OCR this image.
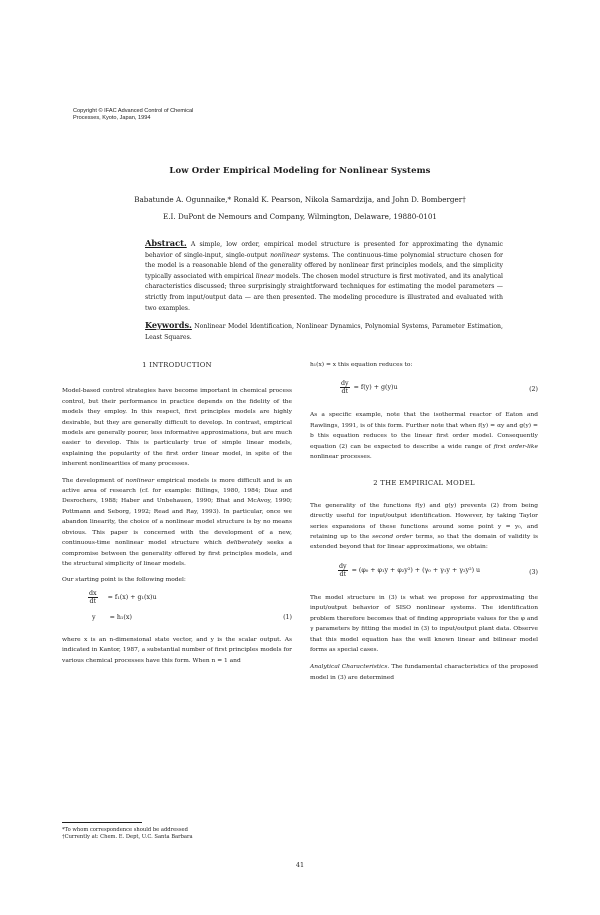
Copyright © IFAC Advanced Control of Chemical
Processes, Kyoto, Japan, 1994
Low Order Empirical Modeling for Nonlinear Systems
Babatunde A. Ogunnaike,* Ronald K. Pearson, Nikola Samardzija, and John D. Bomberger†
E.I. DuPont de Nemours and Company, Wilmington, Delaware, 19880-0101
Abstract. A simple, low order, empirical model structure is presented for approximating the dynamic behavior of single-input, single-output nonlinear systems. The continuous-time polynomial structure chosen for the model is a reasonable blend of the generality offered by nonlinear first principles models, and the simplicity typically associated with empirical linear models. The chosen model structure is first motivated, and its analytical characteristics discussed; three surprisingly straightforward techniques for estimating the model parameters — strictly from input/output data — are then presented. The modeling procedure is illustrated and evaluated with two examples.
Keywords. Nonlinear Model Identification, Nonlinear Dynamics, Polynomial Systems, Parameter Estimation, Least Squares.
1 INTRODUCTION

Model-based control strategies have become important in chemical process control, but their performance in practice depends on the fidelity of the models they employ. In this respect, first principles models are highly desirable, but they are generally difficult to develop. In contrast, empirical models are generally poorer, less informative approximations, but are much easier to develop. This is particularly true of simple linear models, explaining the popularity of the first order linear model, in spite of the inherent nonlinearities of many processes.

The development of nonlinear empirical models is more difficult and is an active area of research (cf. for example: Billings, 1980, 1984; Diaz and Desrochers, 1988; Haber and Unbehauen, 1990; Bhat and McAvoy, 1990; Pottmann and Seborg, 1992; Read and Ray, 1993). In particular, once we abandon linearity, the choice of a nonlinear model structure is by no means obvious. This paper is concerned with the development of a new, continuous-time nonlinear model structure which deliberately seeks a compromise between the generality offered by first principles models, and the structural simplicity of linear models.

Our starting point is the following model:

$\frac{dx}{dt} = f_1(x) + g_1(x)u$
y = h₁(x)	(1)

where x is an n-dimensional state vector, and y is the scalar output. As indicated in Kantor, 1987, a substantial number of first principles models for various chemical processes have this form. When n = 1 and

h₁(x) = x this equation reduces to:

$\frac{dy}{dt} = f(y) + g(y)u$	(2)

As a specific example, note that the isothermal reactor of Eaton and Rawlings, 1991, is of this form. Further note that when f(y) = αy and g(y) = b this equation reduces to the linear first order model. Consequently equation (2) can be expected to describe a wide range of first order-like nonlinear processes.

2 THE EMPIRICAL MODEL

The generality of the functions f(y) and g(y) prevents (2) from being directly useful for input/output identification. However, by taking Taylor series expansions of these functions around some point y = y₀, and retaining up to the second order terms, so that the domain of validity is extended beyond that for linear approximations, we obtain:

$\frac{dy}{dt} = (\varphi_0 + \varphi_1y + \varphi_2y^2) + (\gamma_0 + \gamma_1y + \gamma_2y^2)$ u	(3)

The model structure in (3) is what we propose for approximating the input/output behavior of SISO nonlinear systems. The identification problem therefore becomes that of finding appropriate values for the φ and γ parameters by fitting the model in (3) to input/output plant data. Observe that this model equation has the well known linear and bilinear model forms as special cases.

Analytical Characteristics. The fundamental characteristics of the proposed model in (3) are determined

*To whom correspondence should be addressed
†Currently at: Chem. E. Dept, U.C. Santa Barbara
41
